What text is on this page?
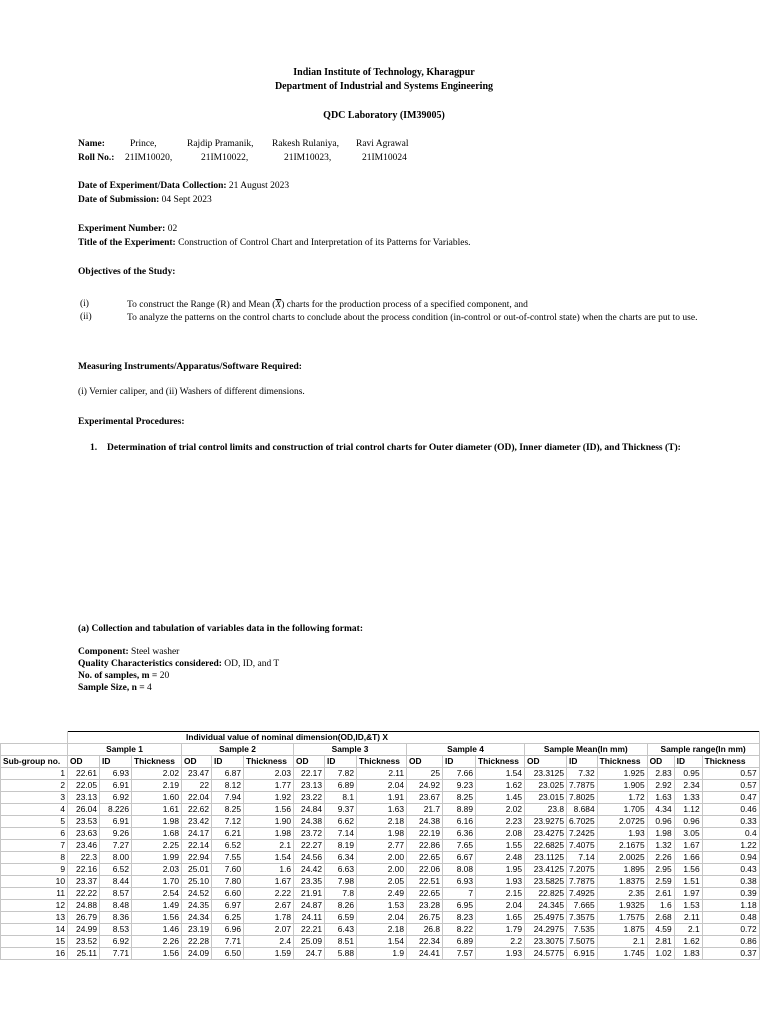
Indian Institute of Technology, Kharagpur
Department of Industrial and Systems Engineering
QDC Laboratory (IM39005)
Name:	Prince,	Rajdip Pramanik, Rakesh Rulaniya, Ravi Agrawal
Roll No.: 21IM10020,	21IM10022,	21IM10023,	21IM10024
Date of Experiment/Data Collection: 21 August 2023
Date of Submission: 04 Sept 2023
Experiment Number: 02
Title of the Experiment: Construction of Control Chart and Interpretation of its Patterns for Variables.
Objectives of the Study:
(i)	To construct the Range (R) and Mean $(\overline{X})$ charts for the production process of a specified component, and
(ii)	To analyze the patterns on the control charts to conclude about the process condition (in-control or out-of-control state) when the charts are put to use.
Measuring Instruments/Apparatus/Software Required:
(i) Vernier caliper, and (ii) Washers of different dimensions.
Experimental Procedures:
1. Determination of trial control limits and construction of trial control charts for Outer diameter (OD), Inner diameter (ID), and Thickness (T):
(a) Collection and tabulation of variables data in the following format:
Component: Steel washer
Quality Characteristics considered: OD, ID, and T
No. of samples, m = 20
Sample Size, n = 4
	Individual value of nominal dimension(OD,ID,&T) X																	
	Sample 1			Sample 2			Sample 3			Sample 4			Sample Mean(In mm)			Sample range(In mm)		
Sub-group no.	OD	ID	Thickness	OD	ID	Thickness	OD	ID	Thickness	OD	ID	Thickness	OD	ID	Thickness	OD	ID	Thickness
1	22.61	6.93	2.02	23.47	6.87	2.03	22.17	7.82	2.11	25	7.66	1.54	23.3125	7.32	1.925	2.83	0.95	0.57
2	22.05	6.91	2.19	22	8.12	1.77	23.13	6.89	2.04	24.92	9.23	1.62	23.025	7.7875	1.905	2.92	2.34	0.57
3	23.13	6.92	1.60	22.04	7.94	1.92	23.22	8.1	1.91	23.67	8.25	1.45	23.015	7.8025	1.72	1.63	1.33	0.47
4	26.04	8.226	1.61	22.62	8.25	1.56	24.84	9.37	1.63	21.7	8.89	2.02	23.8	8.684	1.705	4.34	1.12	0.46
5	23.53	6.91	1.98	23.42	7.12	1.90	24.38	6.62	2.18	24.38	6.16	2.23	23.9275	6.7025	2.0725	0.96	0.96	0.33
6	23.63	9.26	1.68	24.17	6.21	1.98	23.72	7.14	1.98	22.19	6.36	2.08	23.4275	7.2425	1.93	1.98	3.05	0.4
7	23.46	7.27	2.25	22.14	6.52	2.1	22.27	8.19	2.77	22.86	7.65	1.55	22.6825	7.4075	2.1675	1.32	1.67	1.22
8	22.3	8.00	1.99	22.94	7.55	1.54	24.56	6.34	2.00	22.65	6.67	2.48	23.1125	7.14	2.0025	2.26	1.66	0.94
9	22.16	6.52	2.03	25.01	7.60	1.6	24.42	6.63	2.00	22.06	8.08	1.95	23.4125	7.2075	1.895	2.95	1.56	0.43
10	23.37	8.44	1.70	25.10	7.80	1.67	23.35	7.98	2.05	22.51	6.93	1.93	23.5825	7.7875	1.8375	2.59	1.51	0.38
11	22.22	8.57	2.54	24.52	6.60	2.22	21.91	7.8	2.49	22.65	7	2.15	22.825	7.4925	2.35	2.61	1.97	0.39
12	24.88	8.48	1.49	24.35	6.97	2.67	24.87	8.26	1.53	23.28	6.95	2.04	24.345	7.665	1.9325	1.6	1.53	1.18
13	26.79	8.36	1.56	24.34	6.25	1.78	24.11	6.59	2.04	26.75	8.23	1.65	25.4975	7.3575	1.7575	2.68	2.11	0.48
14	24.99	8.53	1.46	23.19	6.96	2.07	22.21	6.43	2.18	26.8	8.22	1.79	24.2975	7.535	1.875	4.59	2.1	0.72
15	23.52	6.92	2.26	22.28	7.71	2.4	25.09	8.51	1.54	22.34	6.89	2.2	23.3075	7.5075	2.1	2.81	1.62	0.86
16	25.11	7.71	1.56	24.09	6.50	1.59	24.7	5.88	1.9	24.41	7.57	1.93	24.5775	6.915	1.745	1.02	1.83	0.37
